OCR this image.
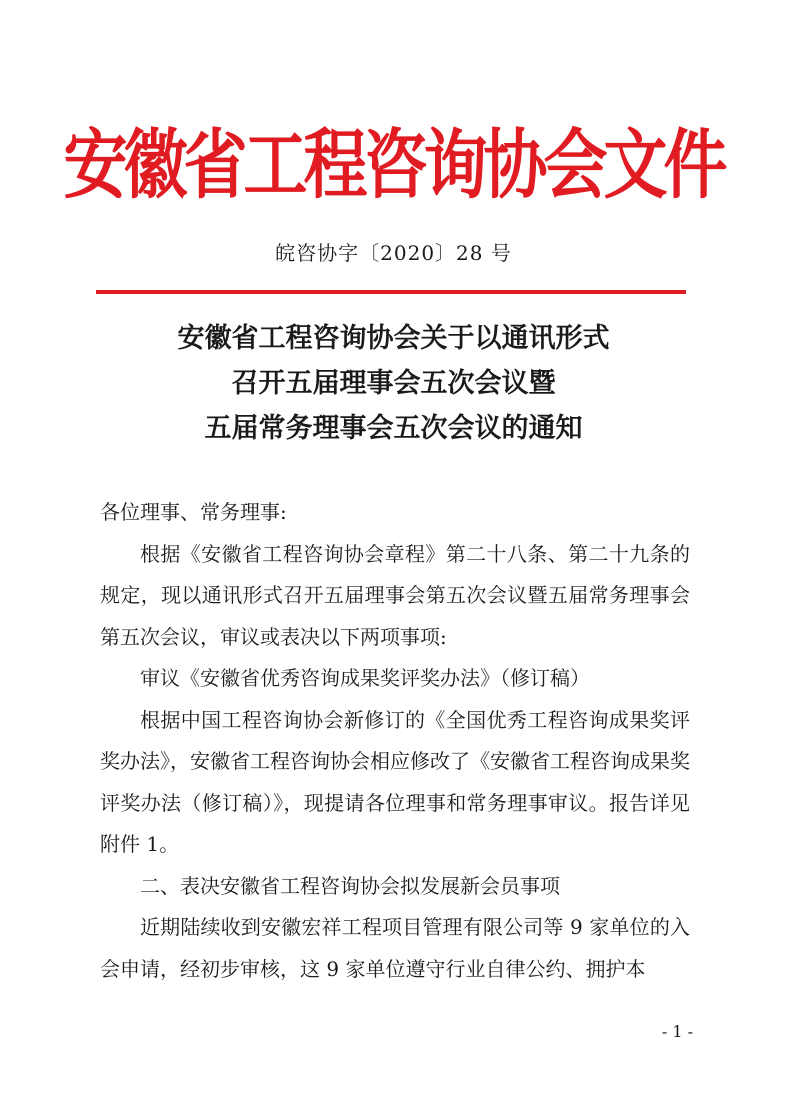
安徽省工程咨询协会文件
皖咨协字〔2020〕28 号
安徽省工程咨询协会关于以通讯形式
召开五届理事会五次会议暨
五届常务理事会五次会议的通知

各位理事、常务理事:

根据《安徽省工程咨询协会章程》第二十八条、第二十九条的规定，现以通讯形式召开五届理事会第五次会议暨五届常务理事会第五次会议，审议或表决以下两项事项:

审议《安徽省优秀咨询成果奖评奖办法》（修订稿）

根据中国工程咨询协会新修订的《全国优秀工程咨询成果奖评奖办法》，安徽省工程咨询协会相应修改了《安徽省工程咨询成果奖评奖办法（修订稿）》，现提请各位理事和常务理事审议。报告详见附件 1。

二、表决安徽省工程咨询协会拟发展新会员事项

近期陆续收到安徽宏祥工程项目管理有限公司等 9 家单位的入会申请，经初步审核，这 9 家单位遵守行业自律公约、拥护本

- 1 -
